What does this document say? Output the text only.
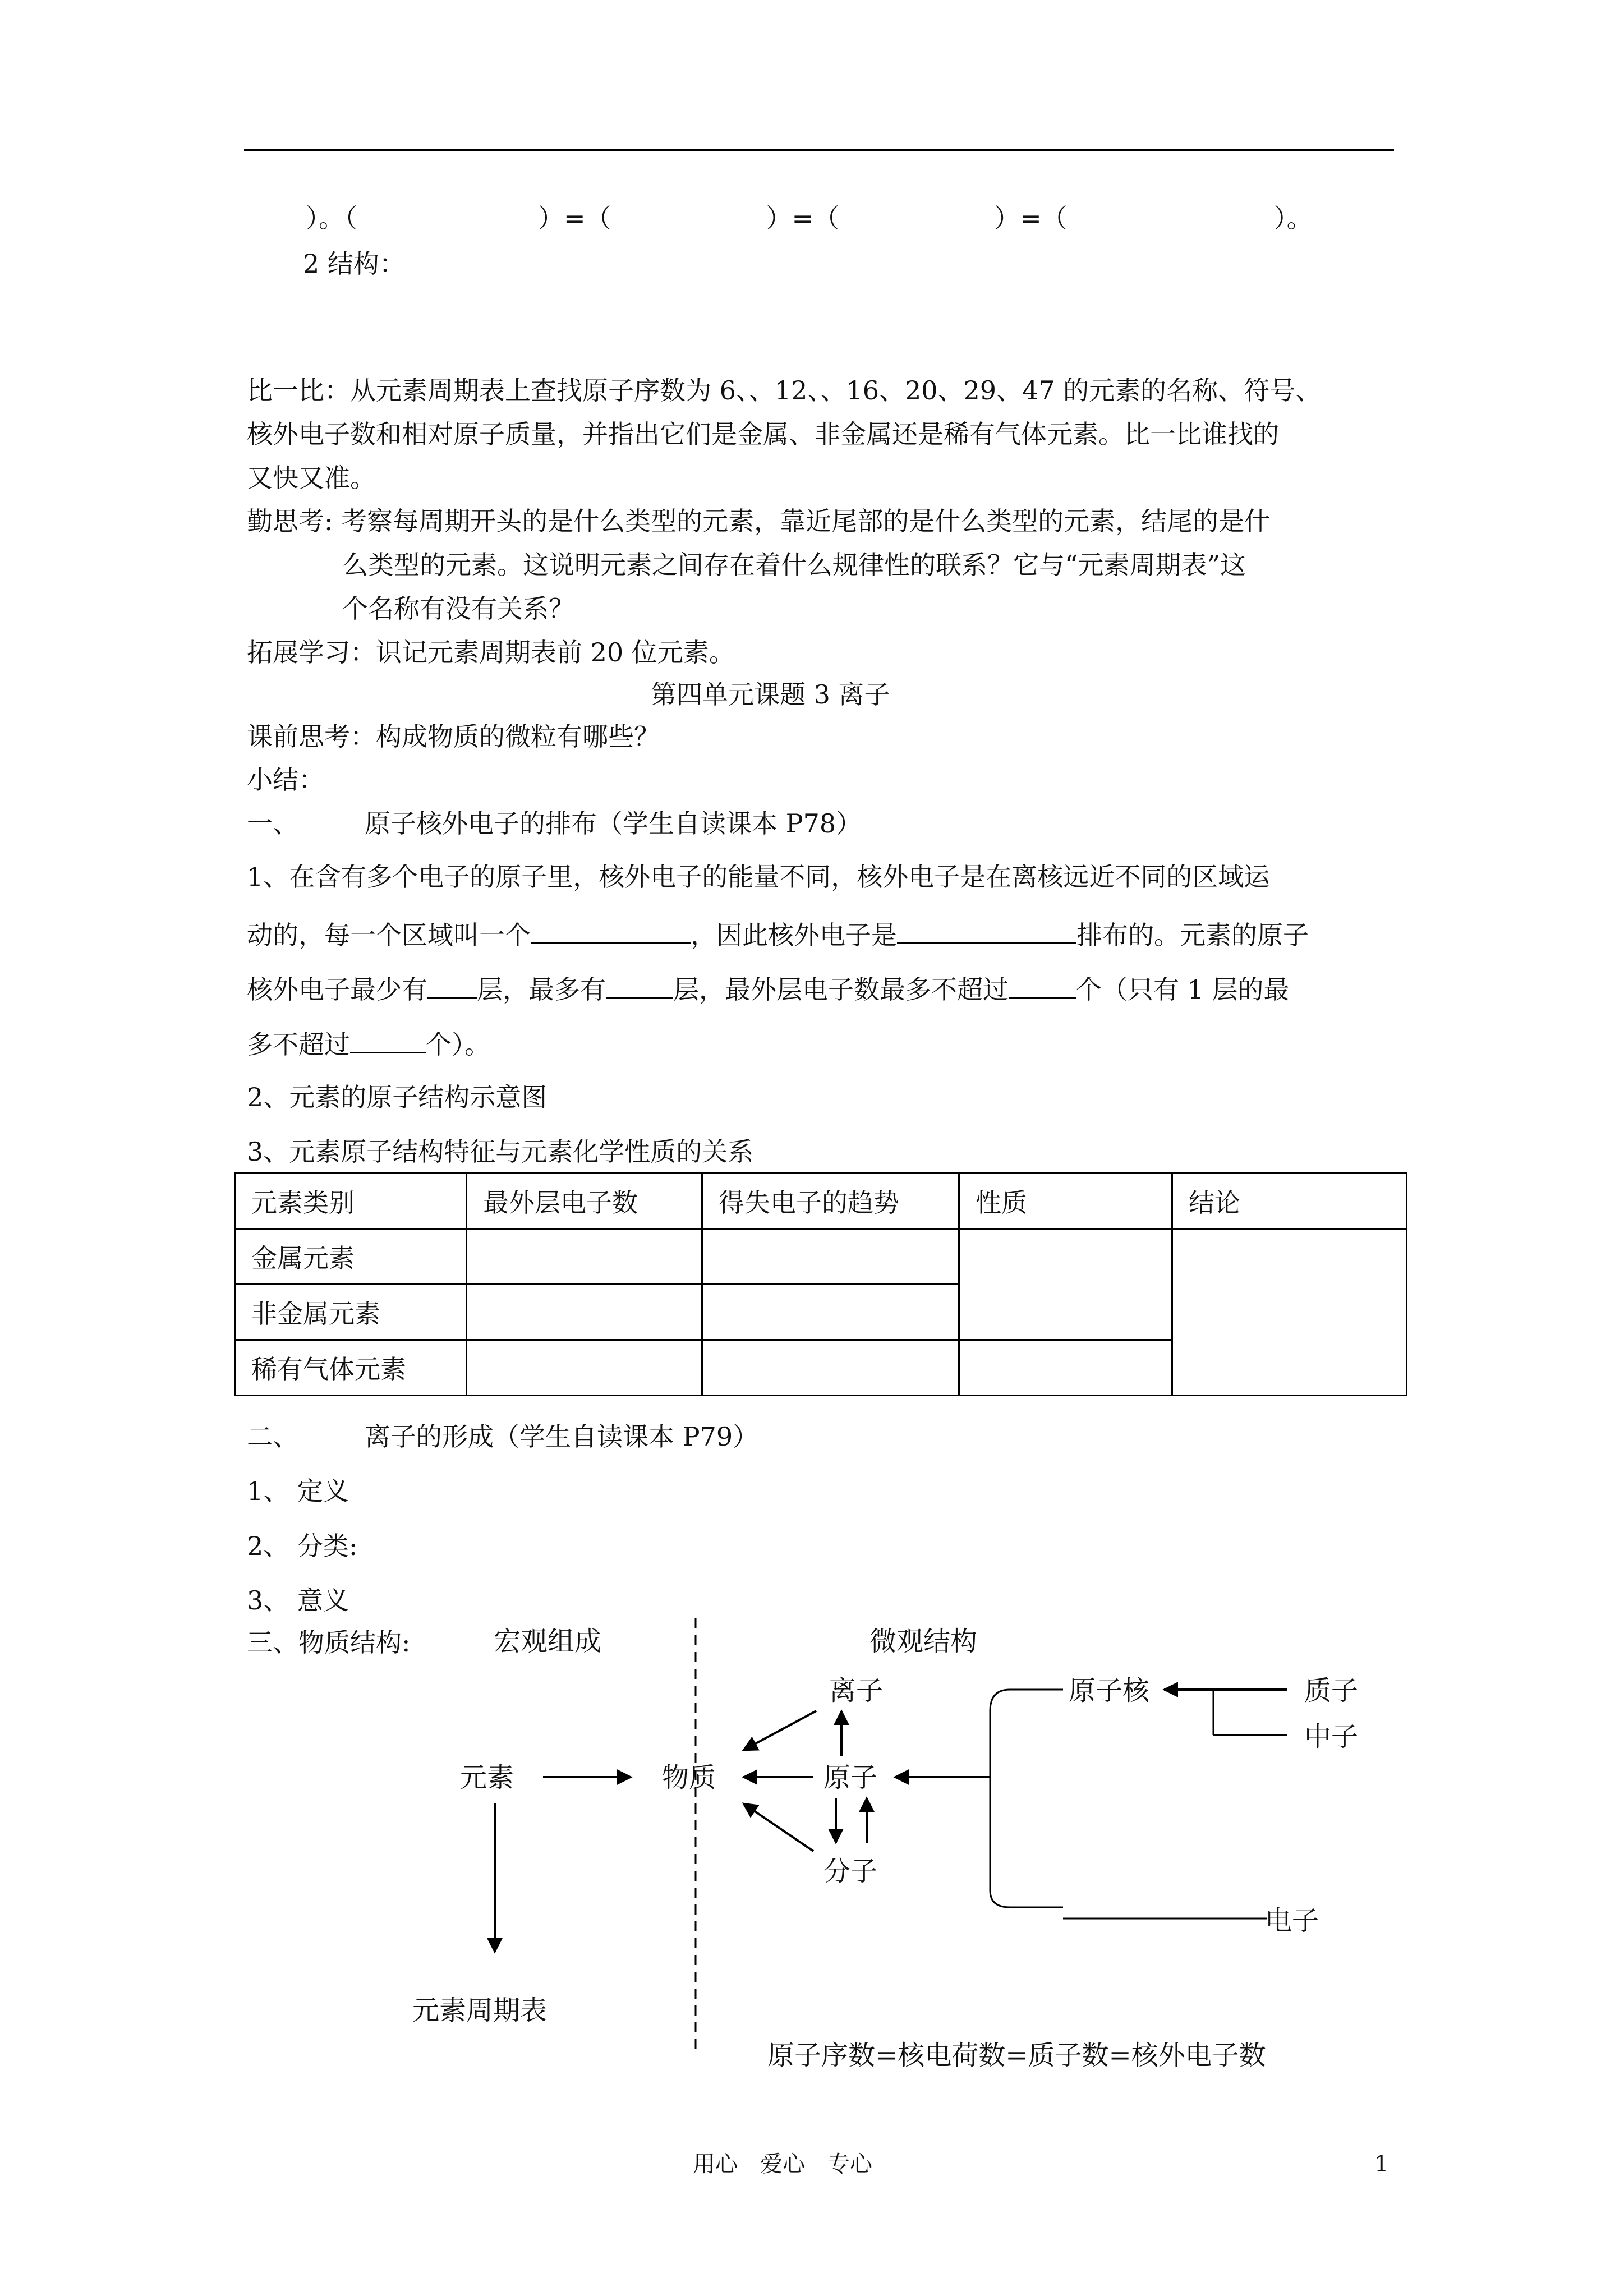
）。（　　　　　　　）=（　　　　　　）=（　　　　　　）=（　　　　　　　　）。
2 结构：
比一比：从元素周期表上查找原子序数为 6、、12、、16、20、29、47 的元素的名称、符号、
核外电子数和相对原子质量，并指出它们是金属、非金属还是稀有气体元素。比一比谁找的
又快又准。
勤思考: 考察每周期开头的是什么类型的元素，靠近尾部的是什么类型的元素，结尾的是什
么类型的元素。这说明元素之间存在着什么规律性的联系？它与“元素周期表”这
个名称有没有关系？
拓展学习：识记元素周期表前 20 位元素。
第四单元课题 3 离子
课前思考：构成物质的微粒有哪些？
小结：
一、	原子核外电子的排布（学生自读课本 P78）
1、在含有多个电子的原子里，核外电子的能量不同，核外电子是在离核远近不同的区域运
动的，每一个区域叫一个	，因此核外电子是	排布的。元素的原子
核外电子最少有 层，最多有	层，最外层电子数最多不超过	个（只有 1 层的最
多不超过	个）。
2、元素的原子结构示意图
3、元素原子结构特征与元素化学性质的关系
元素类别	最外层电子数	得失电子的趋势	性质	结论
金属元素				
非金属元素				
稀有气体元素				
二、	离子的形成（学生自读课本 P79）
1、 定义
2、 分类:
3、 意义
三、物质结构:	宏观组成	微观结构
元素	物质
元素周期表
离子
原子
分子
原子核	质子
中子
电子
原子序数=核电荷数=质子数=核外电子数
用心　爱心　专心	1
